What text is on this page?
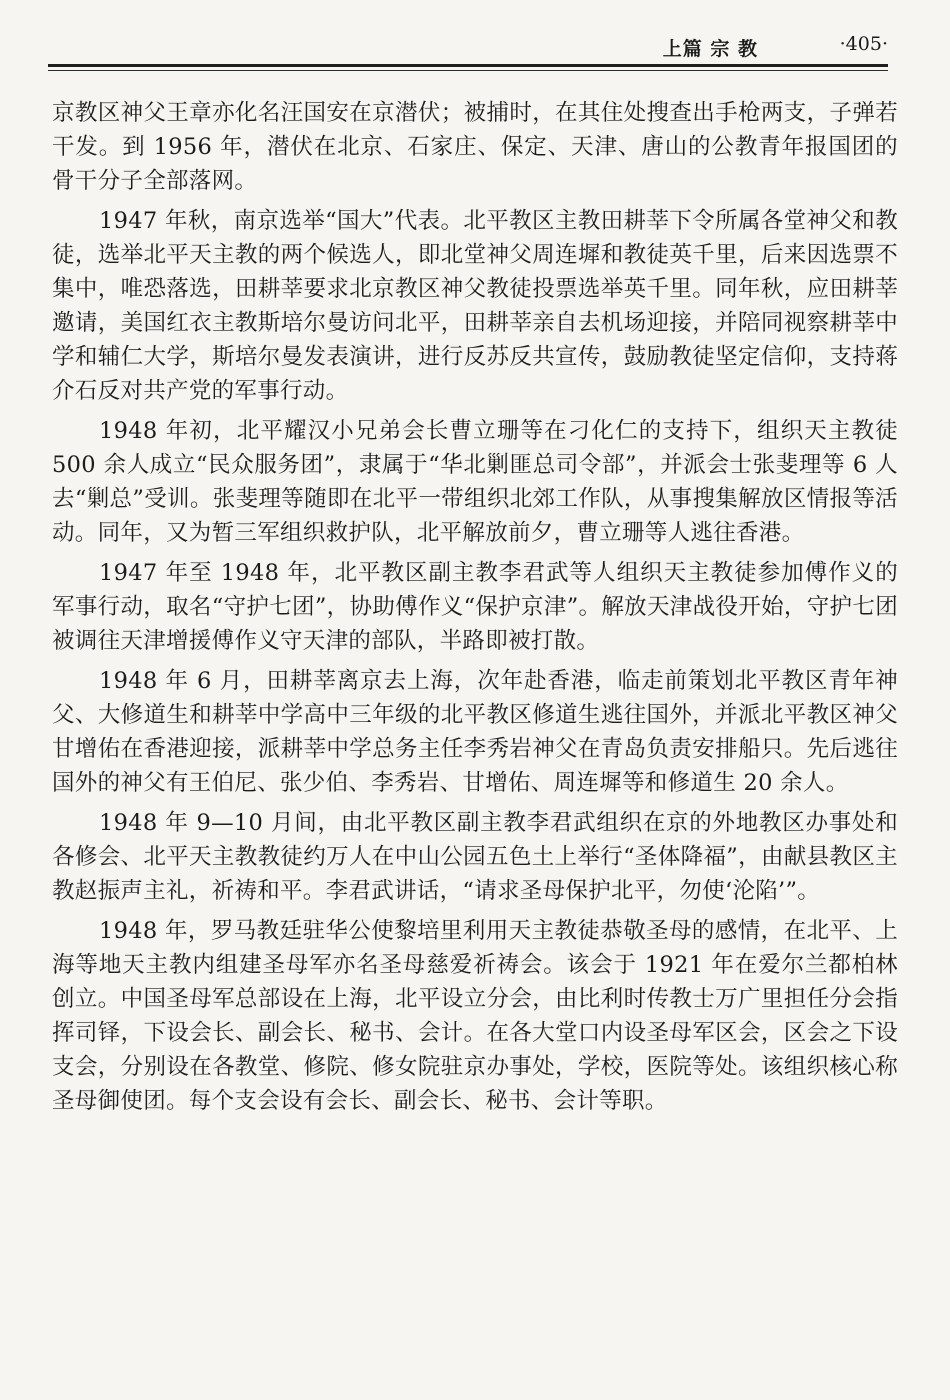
上篇 宗 教	·405·

京教区神父王章亦化名汪国安在京潜伏；被捕时，在其住处搜查出手枪两支，子弹若干发。到 1956 年，潜伏在北京、石家庄、保定、天津、唐山的公教青年报国团的骨干分子全部落网。

1947 年秋，南京选举“国大”代表。北平教区主教田耕莘下令所属各堂神父和教徒，选举北平天主教的两个候选人，即北堂神父周连墀和教徒英千里，后来因选票不集中，唯恐落选，田耕莘要求北京教区神父教徒投票选举英千里。同年秋，应田耕莘邀请，美国红衣主教斯培尔曼访问北平，田耕莘亲自去机场迎接，并陪同视察耕莘中学和辅仁大学，斯培尔曼发表演讲，进行反苏反共宣传，鼓励教徒坚定信仰，支持蒋介石反对共产党的军事行动。

1948 年初，北平耀汉小兄弟会长曹立珊等在刁化仁的支持下，组织天主教徒 500 余人成立“民众服务团”，隶属于“华北剿匪总司令部”，并派会士张斐理等 6 人去“剿总”受训。张斐理等随即在北平一带组织北郊工作队，从事搜集解放区情报等活动。同年，又为暂三军组织救护队，北平解放前夕，曹立珊等人逃往香港。

1947 年至 1948 年，北平教区副主教李君武等人组织天主教徒参加傅作义的军事行动，取名“守护七团”，协助傅作义“保护京津”。解放天津战役开始，守护七团被调往天津增援傅作义守天津的部队，半路即被打散。

1948 年 6 月，田耕莘离京去上海，次年赴香港，临走前策划北平教区青年神父、大修道生和耕莘中学高中三年级的北平教区修道生逃往国外，并派北平教区神父甘增佑在香港迎接，派耕莘中学总务主任李秀岩神父在青岛负责安排船只。先后逃往国外的神父有王伯尼、张少伯、李秀岩、甘增佑、周连墀等和修道生 20 余人。

1948 年 9—10 月间，由北平教区副主教李君武组织在京的外地教区办事处和各修会、北平天主教教徒约万人在中山公园五色土上举行“圣体降福”，由献县教区主教赵振声主礼，祈祷和平。李君武讲话，“请求圣母保护北平，勿使‘沦陷’”。

1948 年，罗马教廷驻华公使黎培里利用天主教徒恭敬圣母的感情，在北平、上海等地天主教内组建圣母军亦名圣母慈爱祈祷会。该会于 1921 年在爱尔兰都柏林创立。中国圣母军总部设在上海，北平设立分会，由比利时传教士万广里担任分会指挥司铎，下设会长、副会长、秘书、会计。在各大堂口内设圣母军区会，区会之下设支会，分别设在各教堂、修院、修女院驻京办事处，学校，医院等处。该组织核心称圣母御使团。每个支会设有会长、副会长、秘书、会计等职。
